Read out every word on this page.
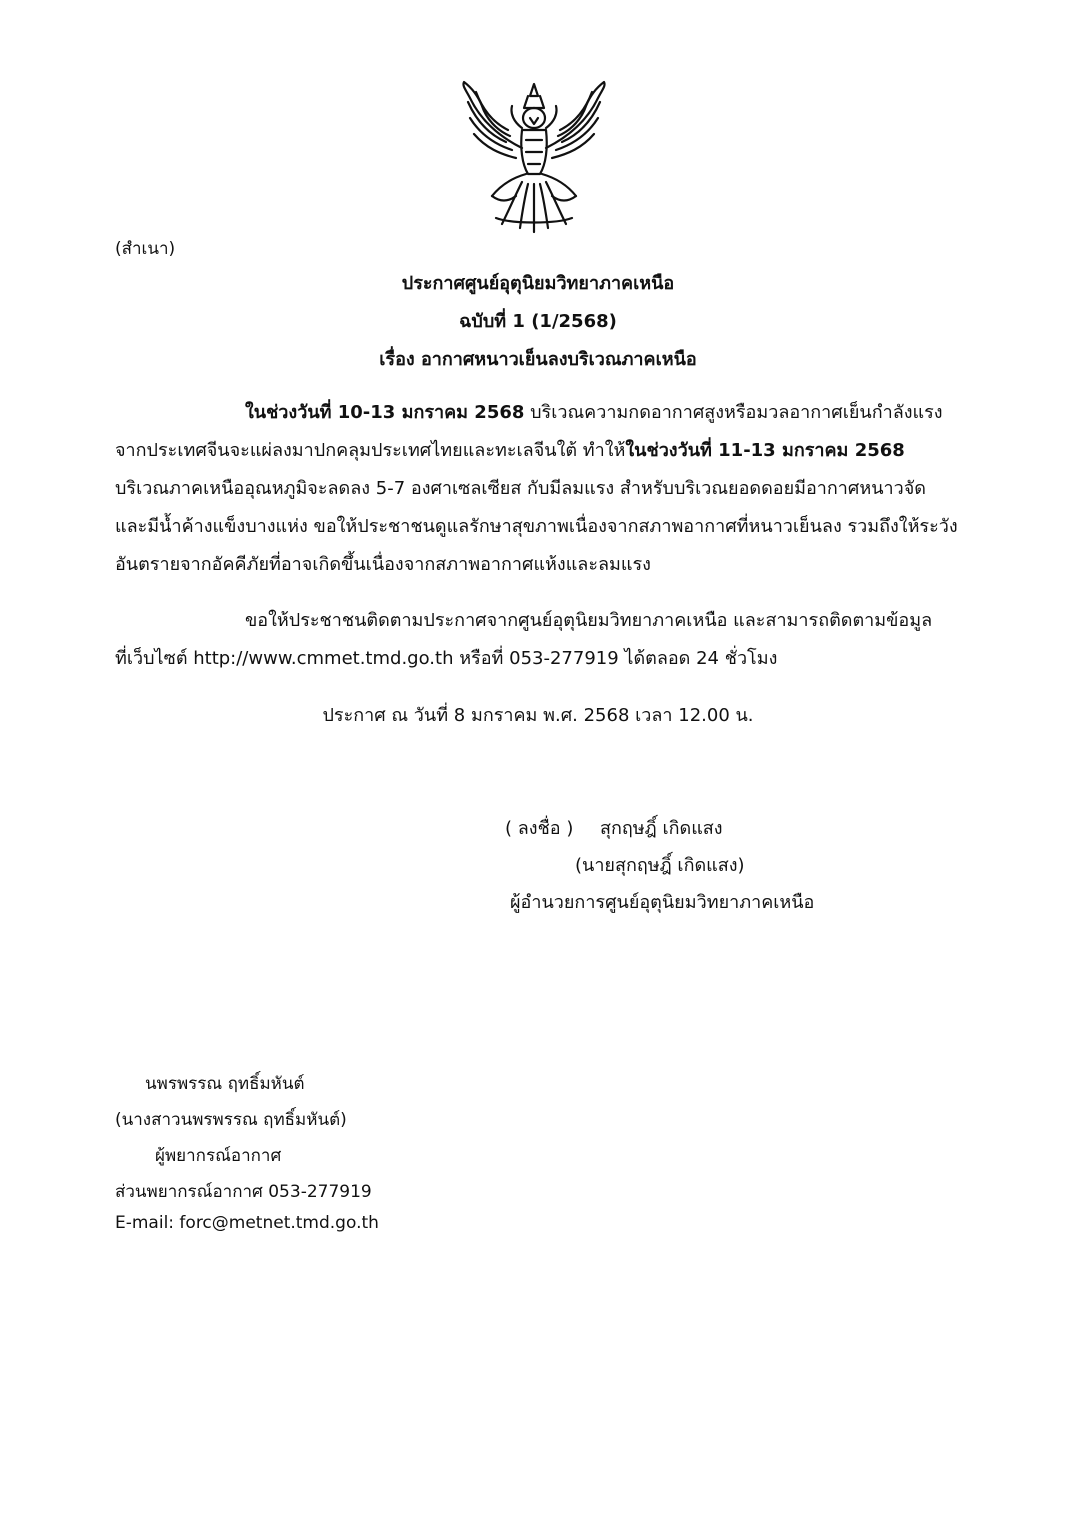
(สำเนา)
ประกาศศูนย์อุตุนิยมวิทยาภาคเหนือ
ฉบับที่ 1 (1/2568)
เรื่อง อากาศหนาวเย็นลงบริเวณภาคเหนือ
ในช่วงวันที่ 10-13 มกราคม 2568 บริเวณความกดอากาศสูงหรือมวลอากาศเย็นกำลังแรง
จากประเทศจีนจะแผ่ลงมาปกคลุมประเทศไทยและทะเลจีนใต้ ทำให้ในช่วงวันที่ 11-13 มกราคม 2568
บริเวณภาคเหนืออุณหภูมิจะลดลง 5-7 องศาเซลเซียส กับมีลมแรง สำหรับบริเวณยอดดอยมีอากาศหนาวจัด
และมีน้ำค้างแข็งบางแห่ง ขอให้ประชาชนดูแลรักษาสุขภาพเนื่องจากสภาพอากาศที่หนาวเย็นลง รวมถึงให้ระวัง
อันตรายจากอัคคีภัยที่อาจเกิดขึ้นเนื่องจากสภาพอากาศแห้งและลมแรง
ขอให้ประชาชนติดตามประกาศจากศูนย์อุตุนิยมวิทยาภาคเหนือ และสามารถติดตามข้อมูล
ที่เว็บไซต์ http://www.cmmet.tmd.go.th หรือที่ 053-277919 ได้ตลอด 24 ชั่วโมง
ประกาศ ณ วันที่ 8 มกราคม พ.ศ. 2568 เวลา 12.00 น.
( ลงชื่อ ) สุกฤษฎิ์ เกิดแสง
(นายสุกฤษฎิ์ เกิดแสง)
ผู้อำนวยการศูนย์อุตุนิยมวิทยาภาคเหนือ
นพรพรรณ ฤทธิ์มหันต์
(นางสาวนพรพรรณ ฤทธิ์มหันต์)
ผู้พยากรณ์อากาศ
ส่วนพยากรณ์อากาศ 053-277919
E-mail: forc@metnet.tmd.go.th
